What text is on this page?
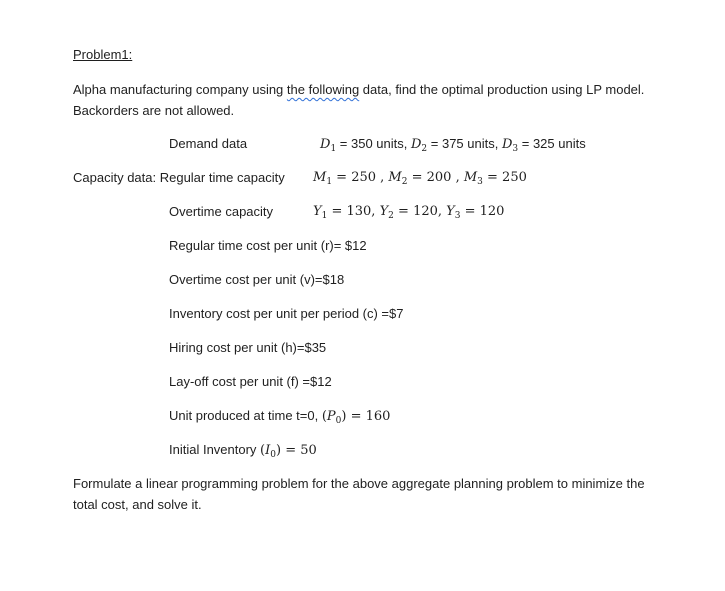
Problem1:
Alpha manufacturing company using the following data, find the optimal production using LP model.
Backorders are not allowed.
Demand data	$D_1 = 350$ units, $D_2 = 375$ units, $D_3 = 325$ units
Capacity data: Regular time capacity $M_1 = 250$ , $M_2 = 200$ , $M_3 = 250$
Overtime capacity	$Y_1 = 130$, $Y_2 = 120$, $Y_3 = 120$
Regular time cost per unit (r)= $12
Overtime cost per unit (v)=$18
Inventory cost per unit per period (c) =$7
Hiring cost per unit (h)=$35
Lay-off cost per unit (f) =$12
Unit produced at time t=0, $(P_0) = 160$
Initial Inventory $(I_0) = 50$
Formulate a linear programming problem for the above aggregate planning problem to minimize the
total cost, and solve it.
